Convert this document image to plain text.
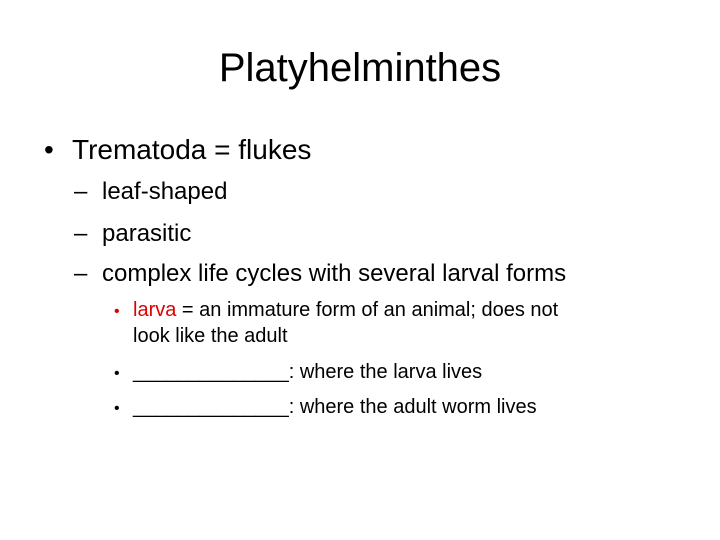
Platyhelminthes
• Trematoda = flukes
– leaf-shaped
– parasitic
– complex life cycles with several larval forms
• larva = an immature form of an animal; does not
look like the adult
• ______________: where the larva lives
• ______________: where the adult worm lives
